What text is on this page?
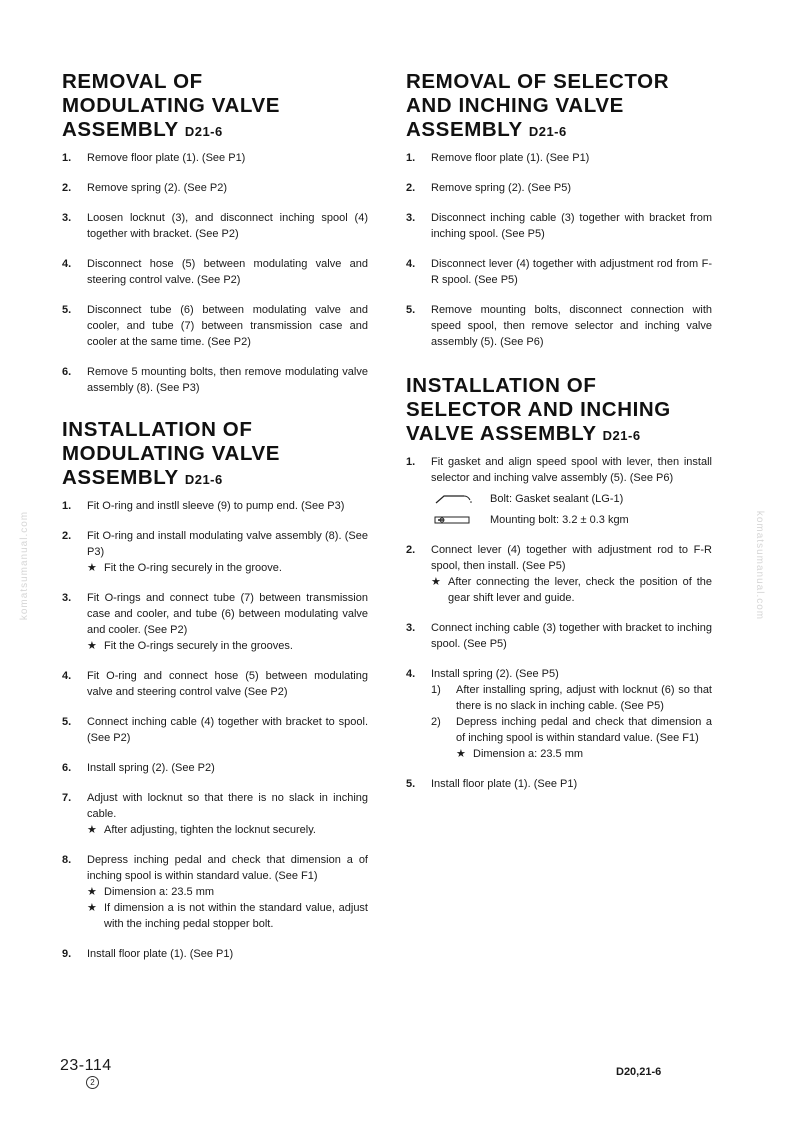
komatsumanual.com	komatsumanual.com
REMOVAL OF
MODULATING VALVE
ASSEMBLY D21-6
1. Remove floor plate (1). (See P1)
2. Remove spring (2). (See P2)
3. Loosen locknut (3), and disconnect inching spool (4) together with bracket. (See P2)
4. Disconnect hose (5) between modulating valve and steering control valve. (See P2)
5. Disconnect tube (6) between modulating valve and cooler, and tube (7) between transmission case and cooler at the same time. (See P2)
6. Remove 5 mounting bolts, then remove modulating valve assembly (8). (See P3)
INSTALLATION OF
MODULATING VALVE
ASSEMBLY D21-6
1. Fit O-ring and instll sleeve (9) to pump end. (See P3)
2. Fit O-ring and install modulating valve assembly (8). (See P3)
★ Fit the O-ring securely in the groove.
3. Fit O-rings and connect tube (7) between transmission case and cooler, and tube (6) between modulating valve and cooler. (See P2)
★ Fit the O-rings securely in the grooves.
4. Fit O-ring and connect hose (5) between modulating valve and steering control valve (See P2)
5. Connect inching cable (4) together with bracket to spool. (See P2)
6. Install spring (2). (See P2)
7. Adjust with locknut so that there is no slack in inching cable.
★ After adjusting, tighten the locknut securely.
8. Depress inching pedal and check that dimension a of inching spool is within standard value. (See F1)
★ Dimension a: 23.5 mm
★ If dimension a is not within the standard value, adjust with the inching pedal stopper bolt.
9. Install floor plate (1). (See P1)
REMOVAL OF SELECTOR
AND INCHING VALVE
ASSEMBLY D21-6
1. Remove floor plate (1). (See P1)
2. Remove spring (2). (See P5)
3. Disconnect inching cable (3) together with bracket from inching spool. (See P5)
4. Disconnect lever (4) together with adjustment rod from F-R spool. (See P5)
5. Remove mounting bolts, disconnect connection with speed spool, then remove selector and inching valve assembly (5). (See P6)
INSTALLATION OF
SELECTOR AND INCHING
VALVE ASSEMBLY D21-6
1. Fit gasket and align speed spool with lever, then install selector and inching valve assembly (5). (See P6)
Bolt: Gasket sealant (LG-1)
Mounting bolt: 3.2 ± 0.3 kgm
2. Connect lever (4) together with adjustment rod to F-R spool, then install. (See P5)
★ After connecting the lever, check the position of the gear shift lever and guide.
3. Connect inching cable (3) together with bracket to inching spool. (See P5)
4. Install spring (2). (See P5)
1) After installing spring, adjust with locknut (6) so that there is no slack in inching cable. (See P5)
2) Depress inching pedal and check that dimension a of inching spool is within standard value. (See F1)
★ Dimension a: 23.5 mm
5. Install floor plate (1). (See P1)
23-114
2
D20,21-6
